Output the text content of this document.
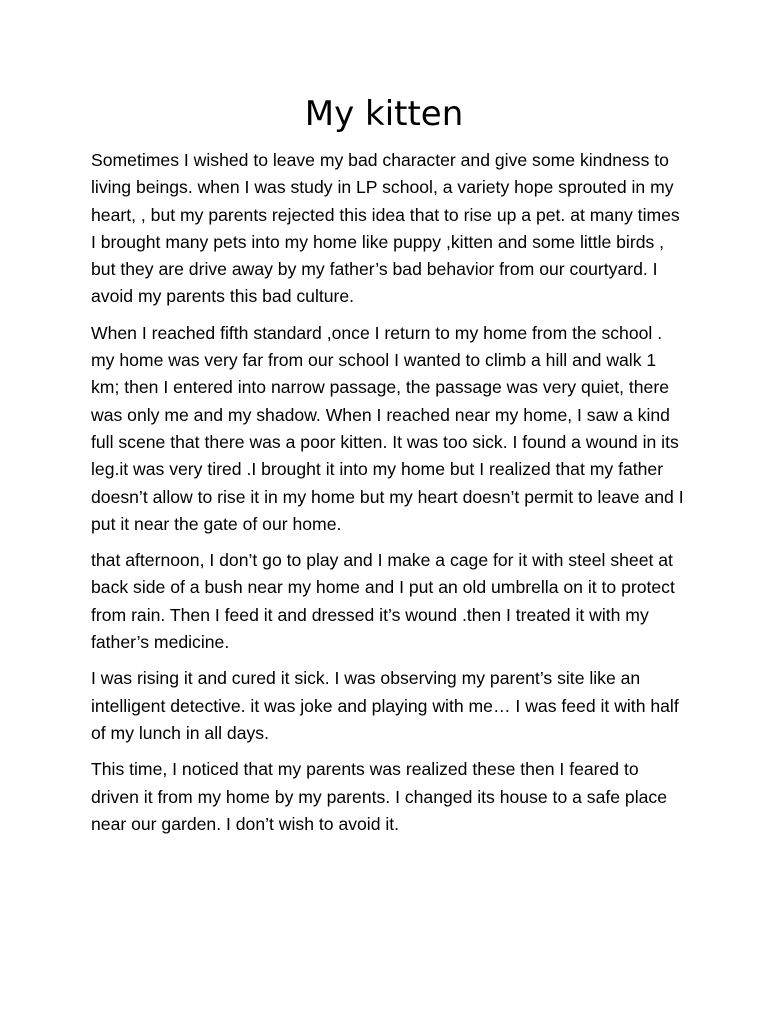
My kitten

Sometimes I wished to leave my bad character and give some kindness to living beings. when I was study in LP school, a variety hope sprouted in my heart, , but my parents rejected this idea that to rise up a pet. at many times I brought many pets into my home like puppy ,kitten and some little birds , but they are drive away by my father’s bad behavior from our courtyard. I avoid my parents this bad culture.

When I reached fifth standard ,once I return to my home from the school . my home was very far from our school I wanted to climb a hill and walk 1 km; then I entered into narrow passage, the passage was very quiet, there was only me and my shadow. When I reached near my home, I saw a kind full scene that there was a poor kitten. It was too sick. I found a wound in its leg.it was very tired .I brought it into my home but I realized that my father doesn’t allow to rise it in my home but my heart doesn’t permit to leave and I put it near the gate of our home.

that afternoon, I don’t go to play and I make a cage for it with steel sheet at back side of a bush near my home and I put an old umbrella on it to protect from rain. Then I feed it and dressed it’s wound .then I treated it with my father’s medicine.

I was rising it and cured it sick. I was observing my parent’s site like an intelligent detective. it was joke and playing with me… I was feed it with half of my lunch in all days.

This time, I noticed that my parents was realized these then I feared to driven it from my home by my parents. I changed its house to a safe place near our garden. I don’t wish to avoid it.
